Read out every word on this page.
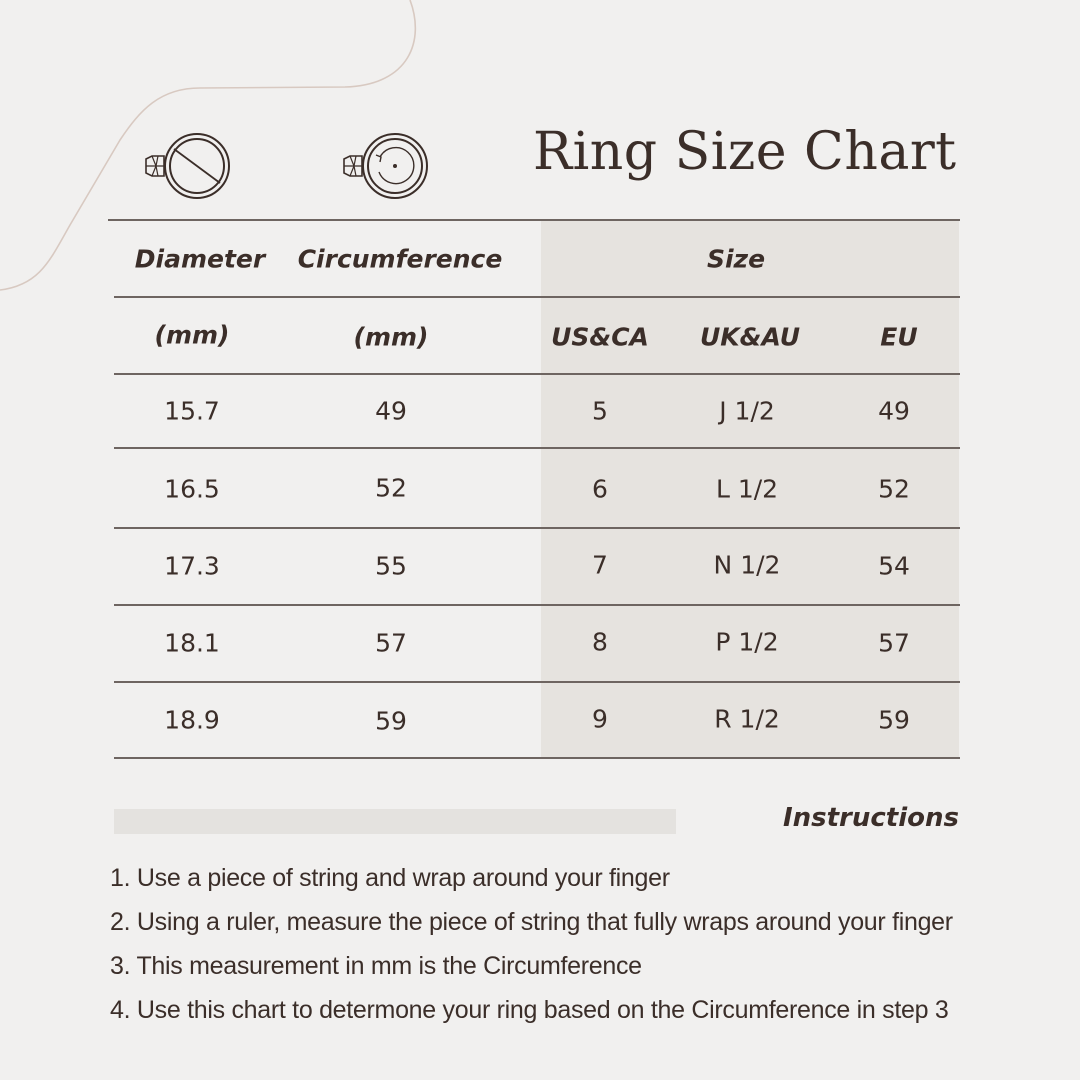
Ring Size Chart
Diameter Circumference	Size
(mm)	(mm)	US&CA UK&AU	EU
15.7	49	5	J 1/2	49
16.5	52	6	L 1/2	52
17.3	55	7	N 1/2	54
18.1	57	8	P 1/2	57
18.9	59	9	R 1/2	59
Instructions
1. Use a piece of string and wrap around your finger
2. Using a ruler, measure the piece of string that fully wraps around your finger
3. This measurement in mm is the Circumference
4. Use this chart to determone your ring based on the Circumference in step 3
